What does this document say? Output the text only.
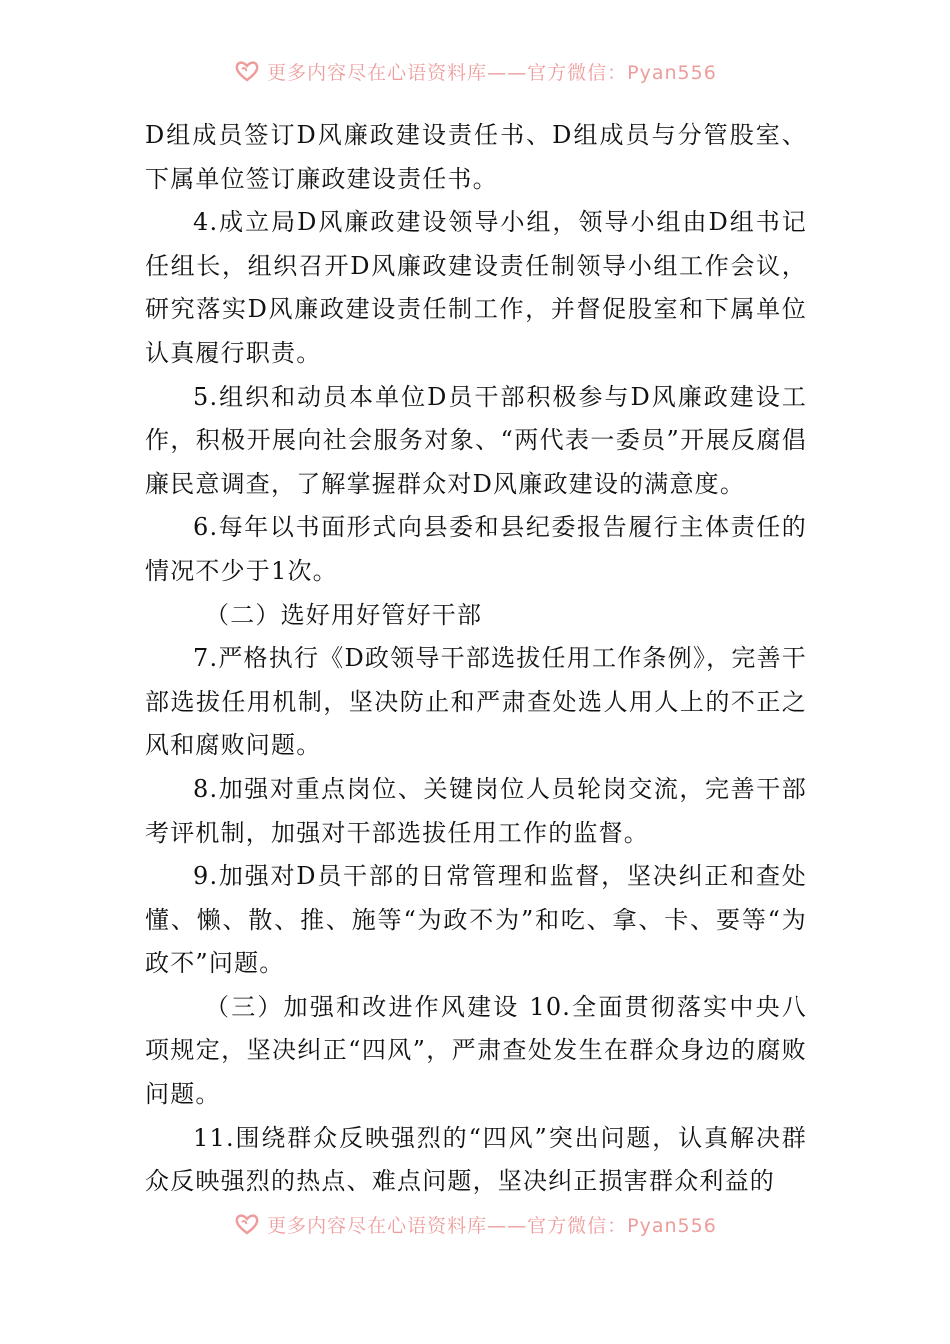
更多内容尽在心语资料库——官方微信：Pyan556

D组成员签订D风廉政建设责任书、D组成员与分管股室、下属单位签订廉政建设责任书。

4.成立局D风廉政建设领导小组，领导小组由D组书记任组长，组织召开D风廉政建设责任制领导小组工作会议，研究落实D风廉政建设责任制工作，并督促股室和下属单位认真履行职责。

5.组织和动员本单位D员干部积极参与D风廉政建设工作，积极开展向社会服务对象、“两代表一委员”开展反腐倡廉民意调查，了解掌握群众对D风廉政建设的满意度。

6.每年以书面形式向县委和县纪委报告履行主体责任的情况不少于1次。

（二）选好用好管好干部

7.严格执行《D政领导干部选拔任用工作条例》，完善干部选拔任用机制，坚决防止和严肃查处选人用人上的不正之风和腐败问题。

8.加强对重点岗位、关键岗位人员轮岗交流，完善干部考评机制，加强对干部选拔任用工作的监督。

9.加强对D员干部的日常管理和监督，坚决纠正和查处懂、懒、散、推、施等“为政不为”和吃、拿、卡、要等“为政不”问题。

（三）加强和改进作风建设 10.全面贯彻落实中央八项规定，坚决纠正“四风”，严肃查处发生在群众身边的腐败问题。

11.围绕群众反映强烈的“四风”突出问题，认真解决群众反映强烈的热点、难点问题，坚决纠正损害群众利益的

更多内容尽在心语资料库——官方微信：Pyan556
